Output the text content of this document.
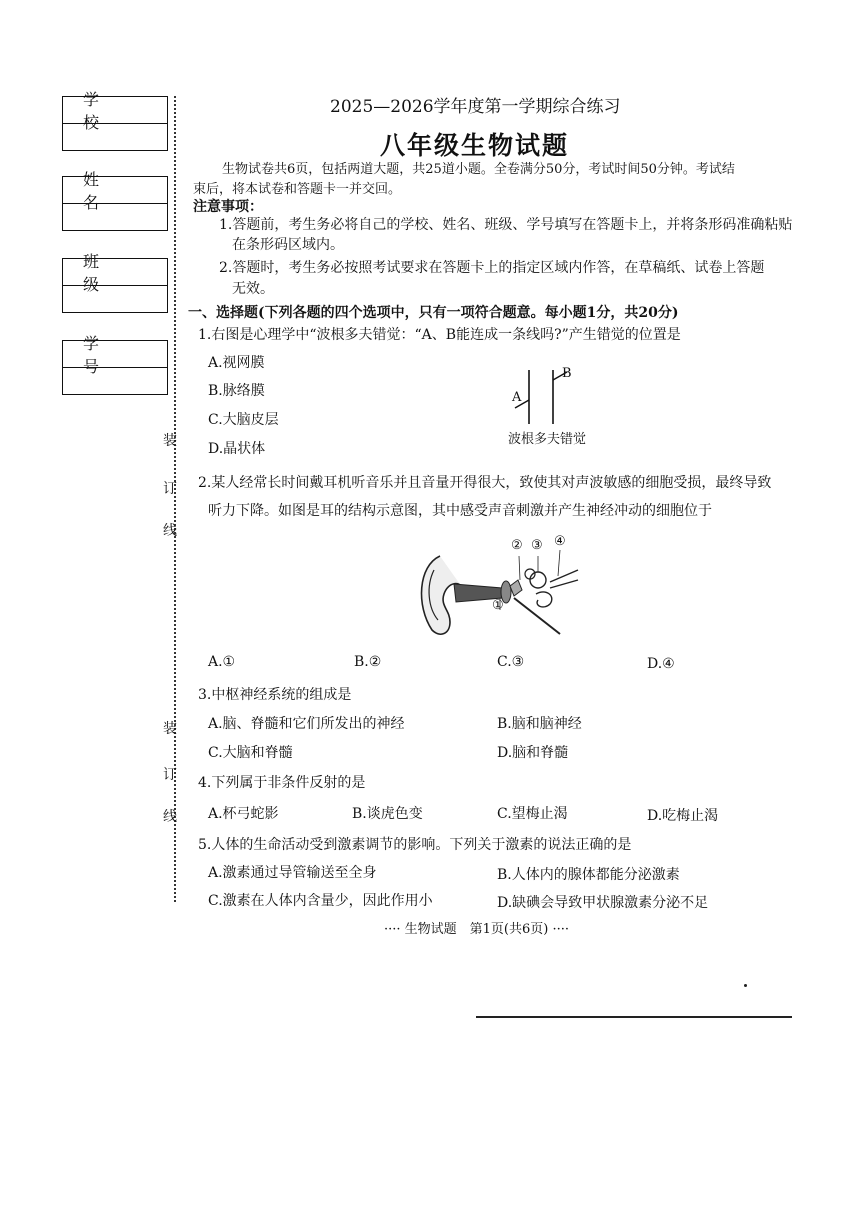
学校
姓名
班级
学号
装
订
线
装
订
线
2025—2026学年度第一学期综合练习
八年级生物试题
生物试卷共6页，包括两道大题，共25道小题。全卷满分50分，考试时间50分钟。考试结
束后，将本试卷和答题卡一并交回。
注意事项：
1.答题前，考生务必将自己的学校、姓名、班级、学号填写在答题卡上，并将条形码准确粘贴
在条形码区域内。
2.答题时，考生务必按照考试要求在答题卡上的指定区域内作答，在草稿纸、试卷上答题
无效。
一、选择题(下列各题的四个选项中，只有一项符合题意。每小题1分，共20分)
1.右图是心理学中“波根多夫错觉：“A、B能连成一条线吗?”产生错觉的位置是
A.视网膜
B.脉络膜
C.大脑皮层
D.晶状体
A
B
波根多夫错觉
2.某人经常长时间戴耳机听音乐并且音量开得很大，致使其对声波敏感的细胞受损，最终导致
听力下降。如图是耳的结构示意图，其中感受声音刺激并产生神经冲动的细胞位于
①
② ③ ④
A.①	B.②	C.③	D.④
3.中枢神经系统的组成是
A.脑、脊髓和它们所发出的神经	B.脑和脑神经
C.大脑和脊髓	D.脑和脊髓
4.下列属于非条件反射的是
A.杯弓蛇影	B.谈虎色变	C.望梅止渴	D.吃梅止渴
5.人体的生命活动受到激素调节的影响。下列关于激素的说法正确的是
A.激素通过导管输送至全身	B.人体内的腺体都能分泌激素
C.激素在人体内含量少，因此作用小	D.缺碘会导致甲状腺激素分泌不足
···· 生物试题　第1页(共6页) ····
